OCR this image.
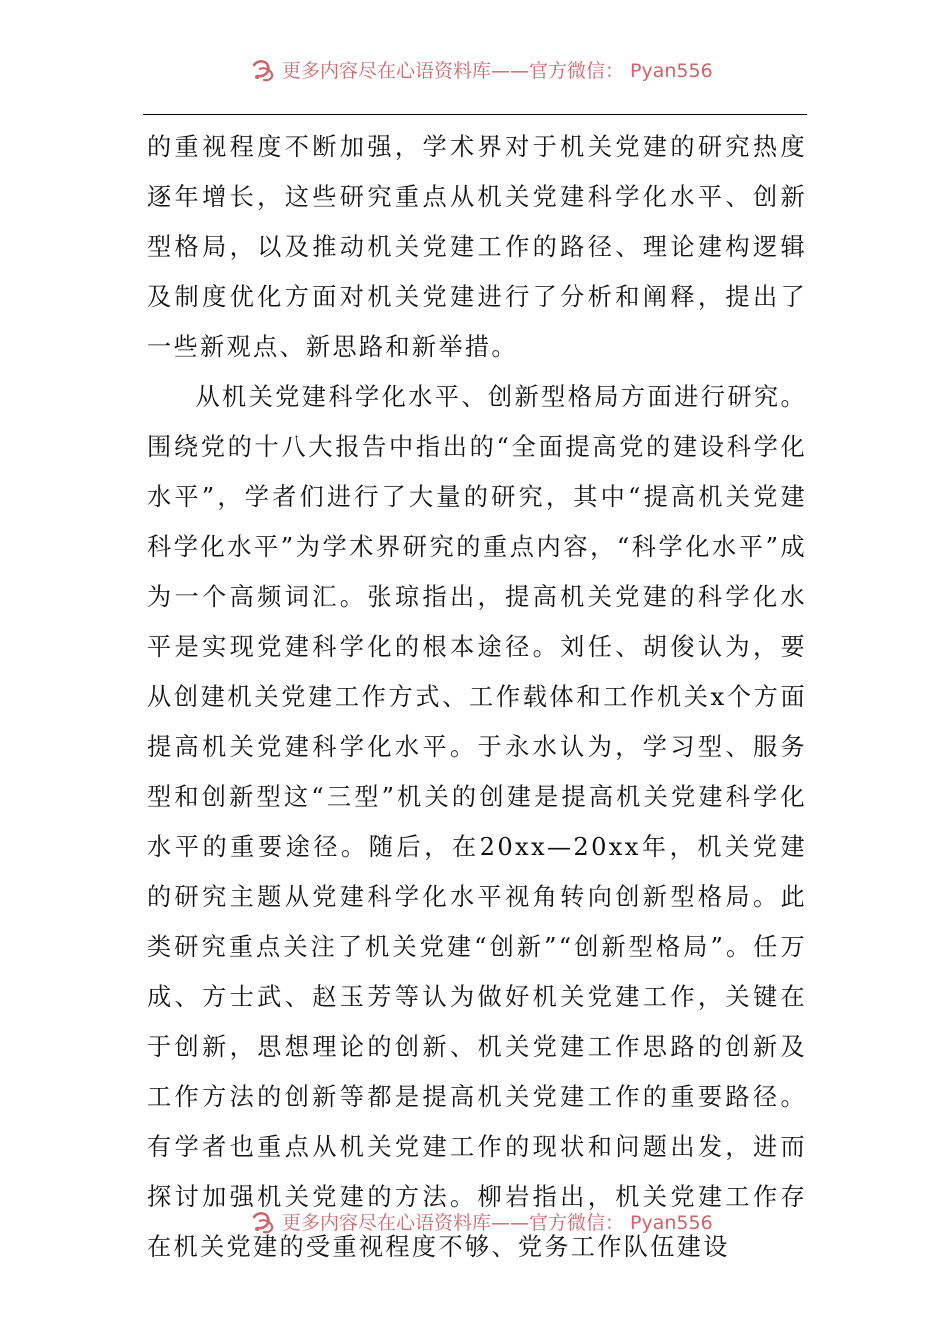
更多内容尽在心语资料库——官方微信： Pyan556

的重视程度不断加强，学术界对于机关党建的研究热度逐年增长，这些研究重点从机关党建科学化水平、创新型格局，以及推动机关党建工作的路径、理论建构逻辑及制度优化方面对机关党建进行了分析和阐释，提出了一些新观点、新思路和新举措。

从机关党建科学化水平、创新型格局方面进行研究。围绕党的十八大报告中指出的“全面提高党的建设科学化水平”，学者们进行了大量的研究，其中“提高机关党建科学化水平”为学术界研究的重点内容，“科学化水平”成为一个高频词汇。张琼指出，提高机关党建的科学化水平是实现党建科学化的根本途径。刘任、胡俊认为，要从创建机关党建工作方式、工作载体和工作机关x个方面提高机关党建科学化水平。于永水认为，学习型、服务型和创新型这“三型”机关的创建是提高机关党建科学化水平的重要途径。随后，在20xx—20xx年，机关党建的研究主题从党建科学化水平视角转向创新型格局。此类研究重点关注了机关党建“创新”“创新型格局”。任万成、方士武、赵玉芳等认为做好机关党建工作，关键在于创新，思想理论的创新、机关党建工作思路的创新及工作方法的创新等都是提高机关党建工作的重要路径。有学者也重点从机关党建工作的现状和问题出发，进而探讨加强机关党建的方法。柳岩指出，机关党建工作存在机关党建的受重视程度不够、党务工作队伍建设

更多内容尽在心语资料库——官方微信： Pyan556
